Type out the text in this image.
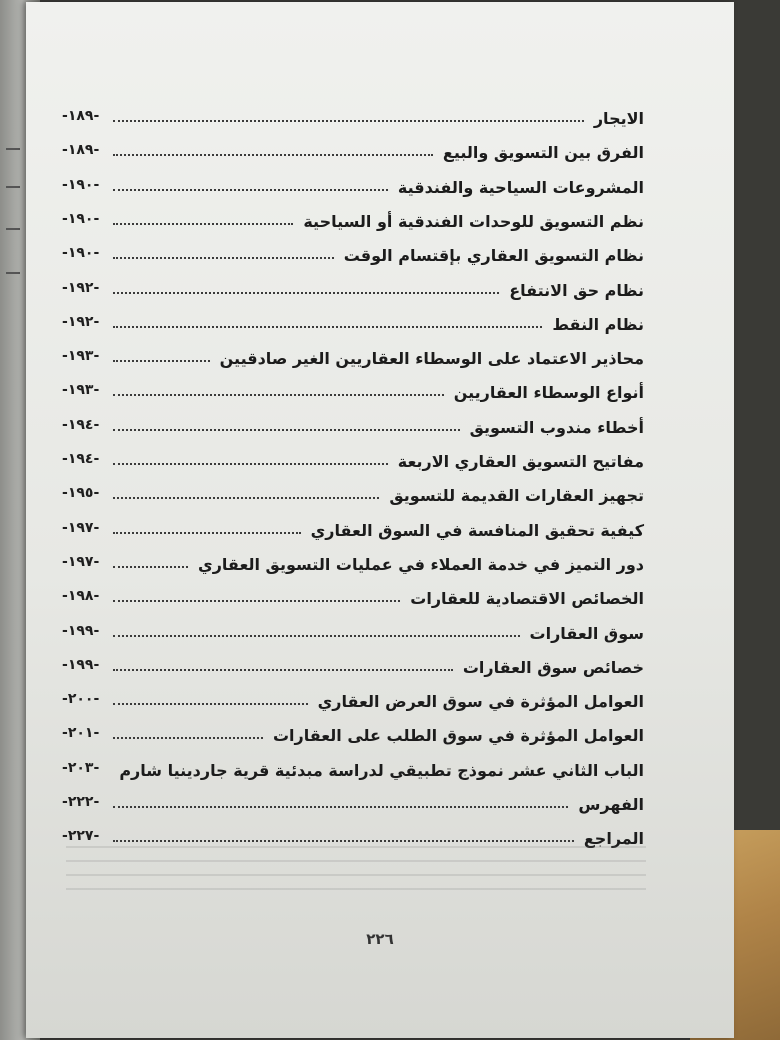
-١٨٩-	الايجار
-١٨٩-	الفرق بين التسويق والبيع
-١٩٠-	المشروعات السياحية والفندقية
-١٩٠-	نظم التسويق للوحدات الفندقية أو السياحية
-١٩٠-	نظام التسويق العقاري بإقتسام الوقت
-١٩٢-	نظام حق الانتفاع
-١٩٢-	نظام النقط
-١٩٣-	محاذير الاعتماد على الوسطاء العقاريين الغير صادقيين
-١٩٣-	أنواع الوسطاء العقاريين
-١٩٤-	أخطاء مندوب التسويق
-١٩٤-	مفاتيح التسويق العقاري الاربعة
-١٩٥-	تجهيز العقارات القديمة للتسويق
-١٩٧-	كيفية تحقيق المنافسة في السوق العقاري
-١٩٧-	دور التميز في خدمة العملاء في عمليات التسويق العقاري
-١٩٨-	الخصائص الاقتصادية للعقارات
-١٩٩-	سوق العقارات
-١٩٩-	خصائص سوق العقارات
-٢٠٠-	العوامل المؤثرة في سوق العرض العقاري
-٢٠١-	العوامل المؤثرة في سوق الطلب على العقارات
-٢٠٣- الباب الثاني عشر نموذج تطبيقي لدراسة مبدئية قرية جاردينيا شارم
-٢٢٢-	الفهرس
-٢٢٧-	المراجع
٢٢٦
